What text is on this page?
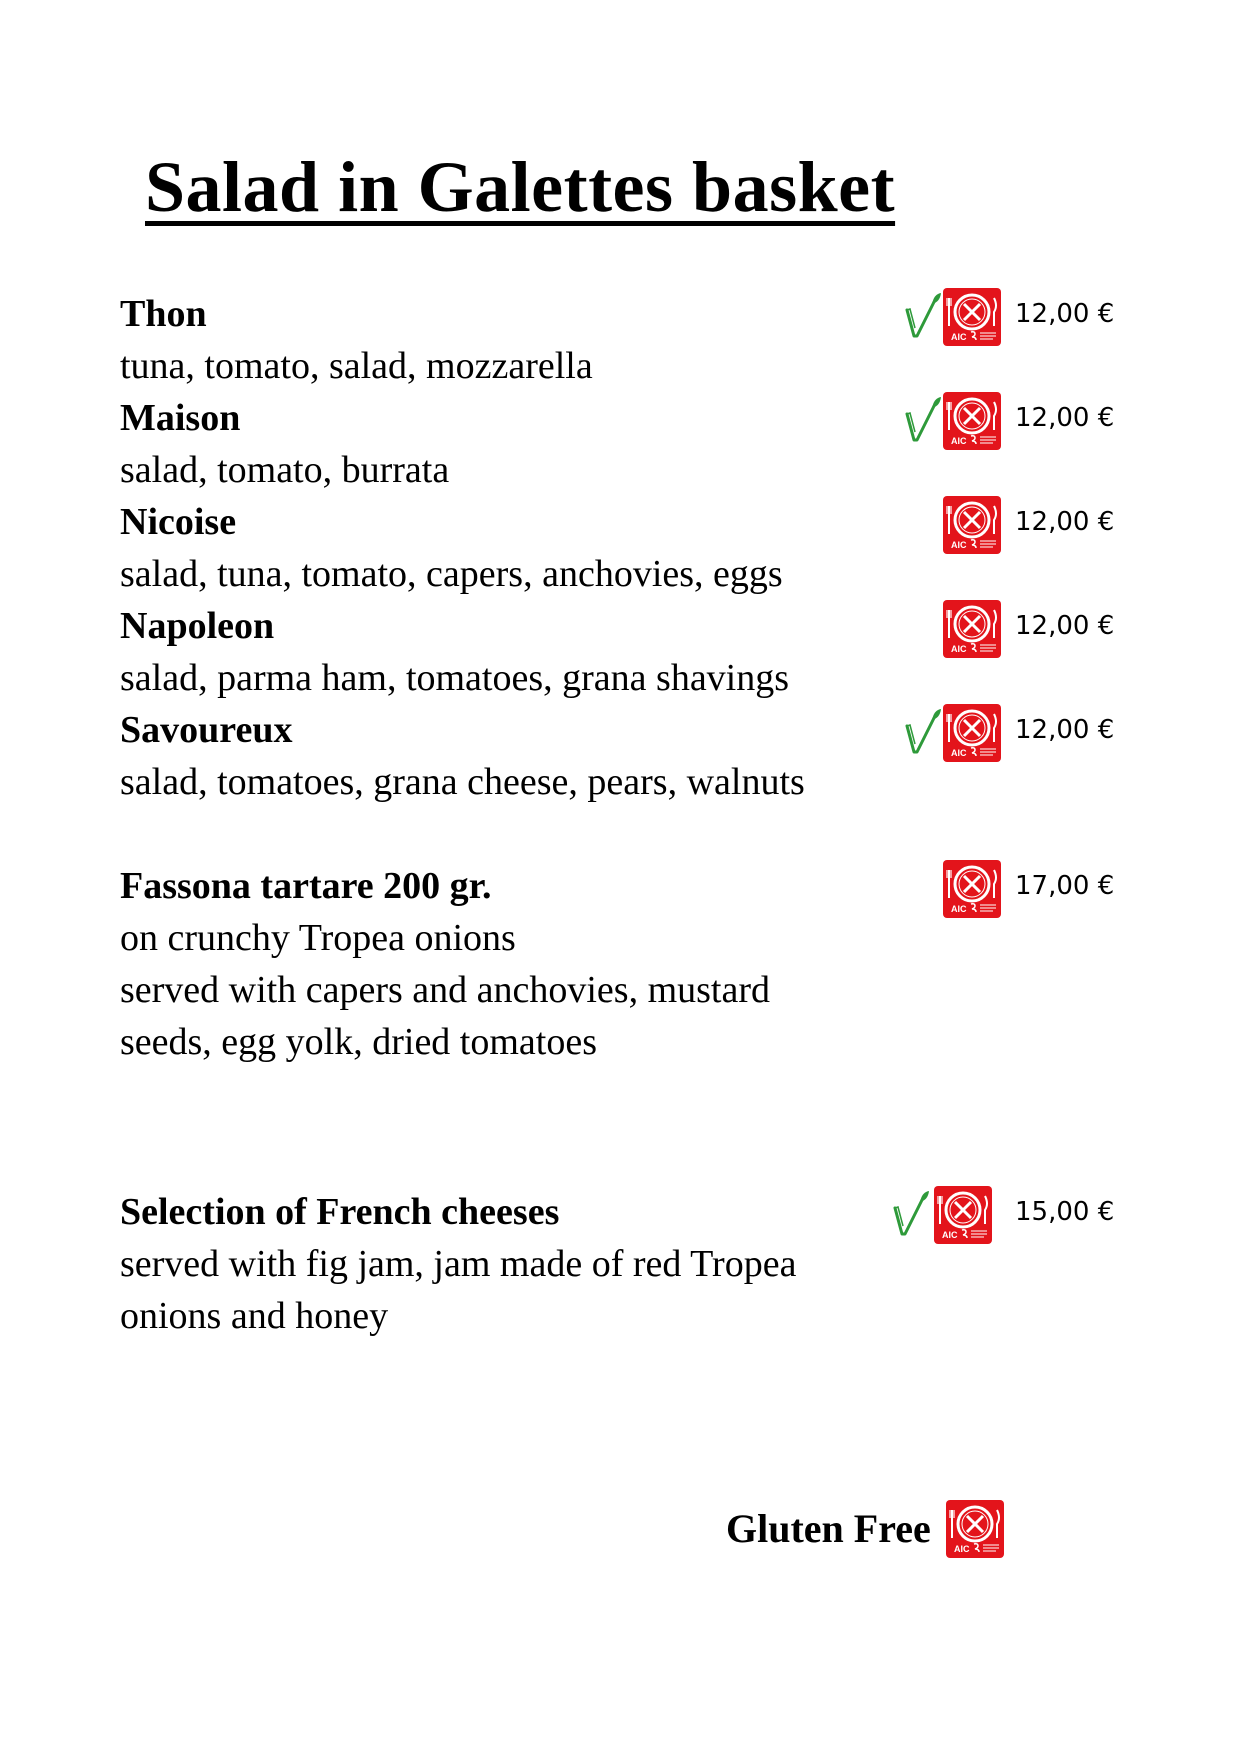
Salad in Galettes basket
Thon
tuna, tomato, salad, mozzarella
12,00 €
Maison
salad, tomato, burrata
12,00 €
Nicoise
salad, tuna, tomato, capers, anchovies, eggs
12,00 €
Napoleon
salad, parma ham, tomatoes, grana shavings
12,00 €
Savoureux
salad, tomatoes, grana cheese, pears, walnuts
12,00 €
Fassona tartare 200 gr.
on crunchy Tropea onions
served with capers and anchovies, mustard
seeds, egg yolk, dried tomatoes
17,00 €
Selection of French cheeses
served with fig jam, jam made of red Tropea
onions and honey
15,00 €
Gluten Free
